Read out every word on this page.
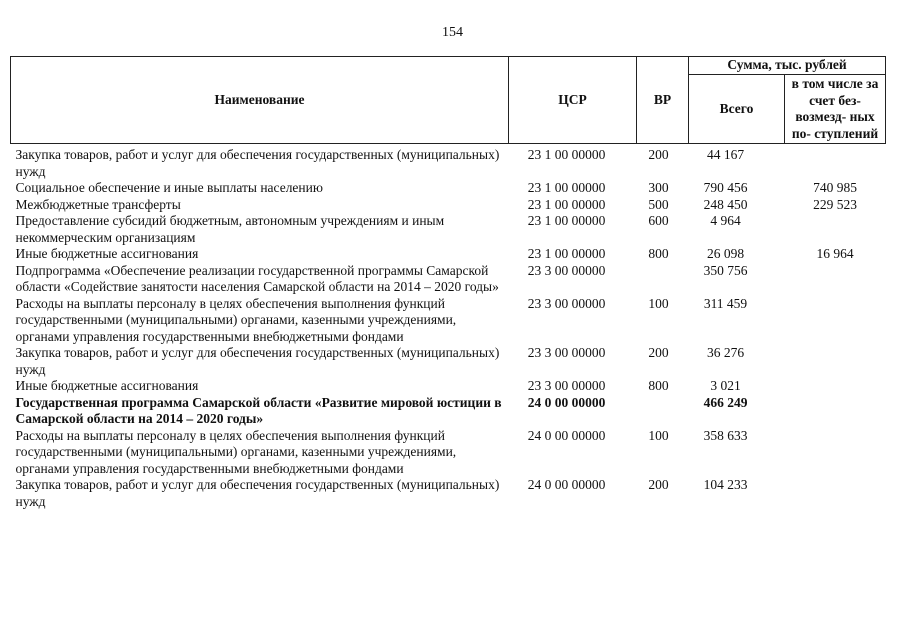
154
Наименование	ЦСР	ВР	Сумма, тыс. рублей	
			Всего	в том числе за счет без- возмезд- ных по- ступлений
Закупка товаров, работ и услуг для обеспечения государственных (муниципальных) нужд	23 1 00 00000	200	44 167	
Социальное обеспечение и иные выплаты населению	23 1 00 00000	300	790 456	740 985
Межбюджетные трансферты	23 1 00 00000	500	248 450	229 523
Предоставление субсидий бюджетным, автономным учреждениям и иным некоммерческим организациям	23 1 00 00000	600	4 964	
Иные бюджетные ассигнования	23 1 00 00000	800	26 098	16 964
Подпрограмма «Обеспечение реализации государственной программы Самарской области «Содействие занятости населения Самарской области на 2014 – 2020 годы»	23 3 00 00000		350 756	
Расходы на выплаты персоналу в целях обеспечения выполнения функций государственными (муниципальными) органами, казенными учреждениями, органами управления государственными внебюджетными фондами	23 3 00 00000	100	311 459	
Закупка товаров, работ и услуг для обеспечения государственных (муниципальных) нужд	23 3 00 00000	200	36 276	
Иные бюджетные ассигнования	23 3 00 00000	800	3 021	
Государственная программа Самарской области «Развитие мировой юстиции в Самарской области на 2014 – 2020 годы»	24 0 00 00000		466 249	
Расходы на выплаты персоналу в целях обеспечения выполнения функций государственными (муниципальными) органами, казенными учреждениями, органами управления государственными внебюджетными фондами	24 0 00 00000	100	358 633	
Закупка товаров, работ и услуг для обеспечения государственных (муниципальных) нужд	24 0 00 00000	200	104 233	
